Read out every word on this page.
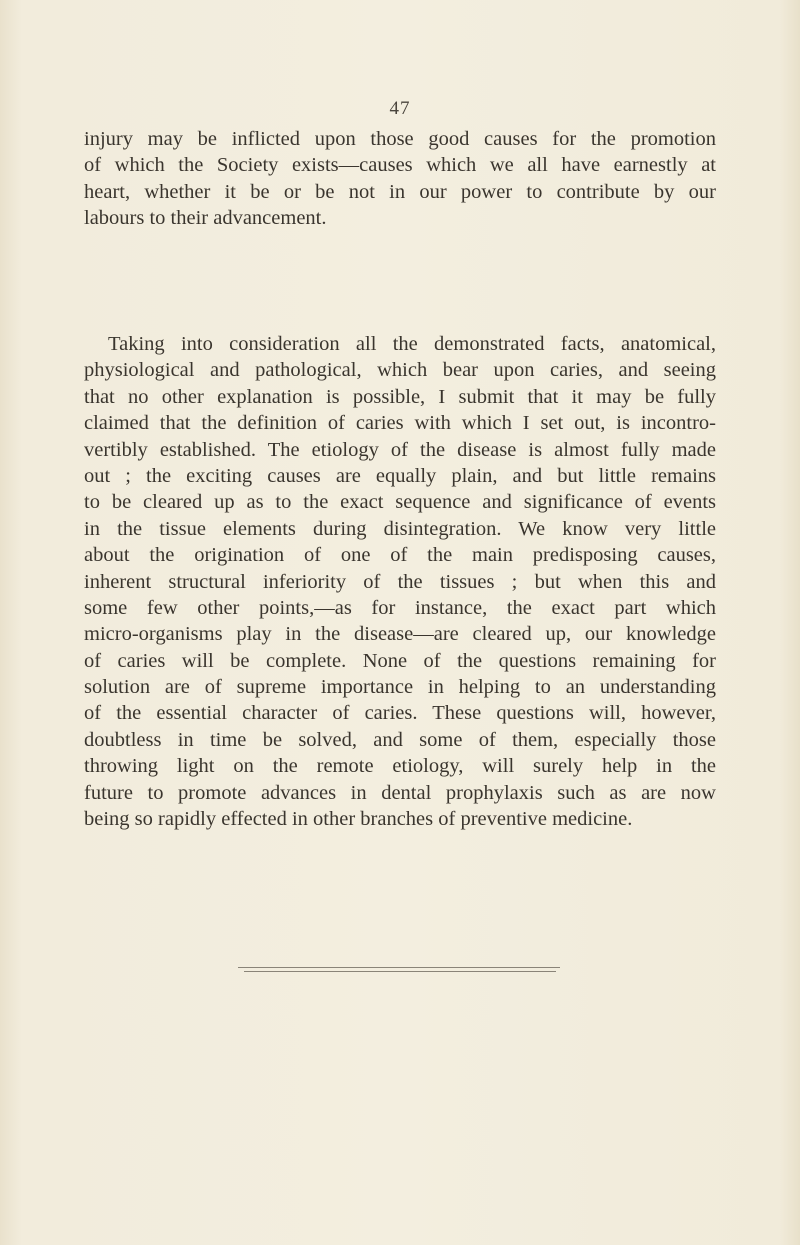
47

injury may be inflicted upon those good causes for the promotion
of which the Society exists—causes which we all have earnestly at
heart, whether it be or be not in our power to contribute by our
labours to their advancement.

Taking into consideration all the demonstrated facts, anatomical,
physiological and pathological, which bear upon caries, and seeing
that no other explanation is possible, I submit that it may be fully
claimed that the definition of caries with which I set out, is incontro-
vertibly established. The etiology of the disease is almost fully made
out ; the exciting causes are equally plain, and but little remains
to be cleared up as to the exact sequence and significance of events
in the tissue elements during disintegration. We know very little
about the origination of one of the main predisposing causes,
inherent structural inferiority of the tissues ; but when this and
some few other points,—as for instance, the exact part which
micro-organisms play in the disease—are cleared up, our knowledge
of caries will be complete. None of the questions remaining for
solution are of supreme importance in helping to an understanding
of the essential character of caries. These questions will, however,
doubtless in time be solved, and some of them, especially those
throwing light on the remote etiology, will surely help in the
future to promote advances in dental prophylaxis such as are now
being so rapidly effected in other branches of preventive medicine.
